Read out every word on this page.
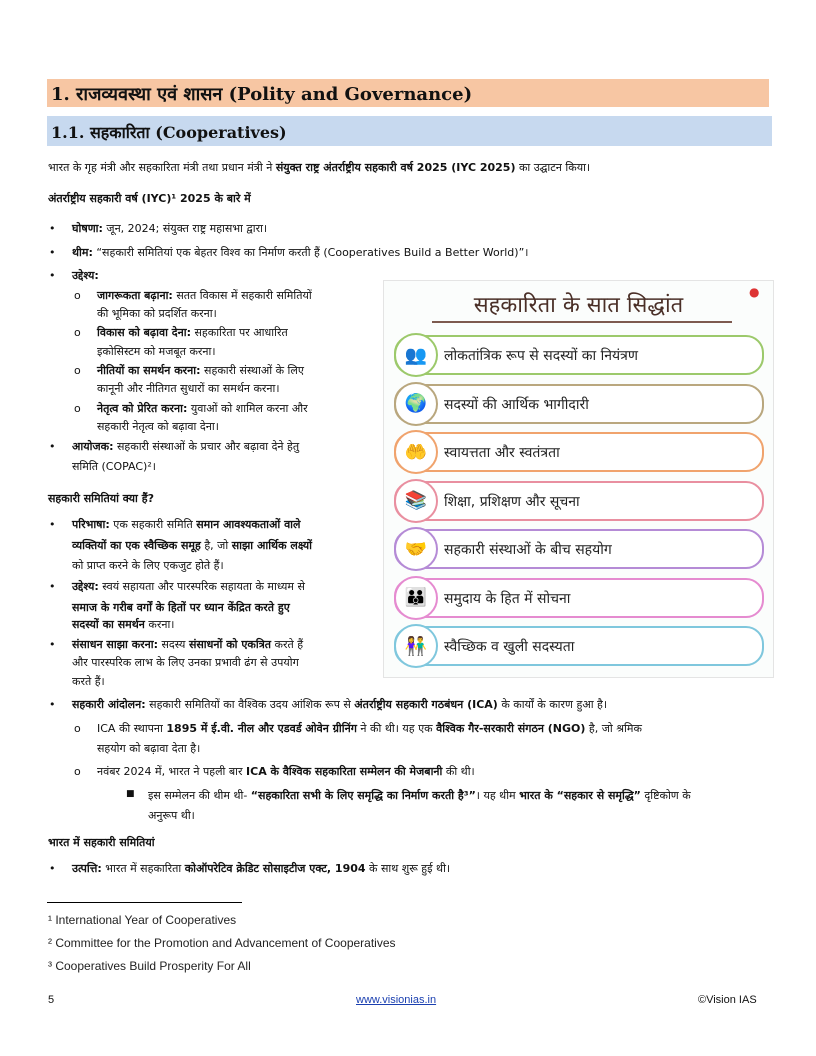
1. राजव्यवस्था एवं शासन (Polity and Governance)
1.1. सहकारिता (Cooperatives)
भारत के गृह मंत्री और सहकारिता मंत्री तथा प्रधान मंत्री ने संयुक्त राष्ट्र अंतर्राष्ट्रीय सहकारी वर्ष 2025 (IYC 2025) का उद्घाटन किया।
अंतर्राष्ट्रीय सहकारी वर्ष (IYC)¹ 2025 के बारे में
• घोषणा: जून, 2024; संयुक्त राष्ट्र महासभा द्वारा।
• थीम: “सहकारी समितियां एक बेहतर विश्व का निर्माण करती हैं (Cooperatives Build a Better World)”।
• उद्देश्य:
o जागरूकता बढ़ाना: सतत विकास में सहकारी समितियों
की भूमिका को प्रदर्शित करना।
o विकास को बढ़ावा देना: सहकारिता पर आधारित
इकोसिस्टम को मजबूत करना।
o नीतियों का समर्थन करना: सहकारी संस्थाओं के लिए
कानूनी और नीतिगत सुधारों का समर्थन करना।
o नेतृत्व को प्रेरित करना: युवाओं को शामिल करना और
सहकारी नेतृत्व को बढ़ावा देना।
• आयोजक: सहकारी संस्थाओं के प्रचार और बढ़ावा देने हेतु
समिति (COPAC)²।
सहकारी समितियां क्या हैं?
• परिभाषा: एक सहकारी समिति समान आवश्यकताओं वाले
व्यक्तियों का एक स्वैच्छिक समूह है, जो साझा आर्थिक लक्ष्यों
को प्राप्त करने के लिए एकजुट होते हैं।
• उद्देश्य: स्वयं सहायता और पारस्परिक सहायता के माध्यम से
समाज के गरीब वर्गों के हितों पर ध्यान केंद्रित करते हुए
सदस्यों का समर्थन करना।
• संसाधन साझा करना: सदस्य संसाधनों को एकत्रित करते हैं
और पारस्परिक लाभ के लिए उनका प्रभावी ढंग से उपयोग
करते हैं।
• सहकारी आंदोलन: सहकारी समितियों का वैश्विक उदय आंशिक रूप से अंतर्राष्ट्रीय सहकारी गठबंधन (ICA) के कार्यों के कारण हुआ है।
o ICA की स्थापना 1895 में ई.वी. नील और एडवर्ड ओवेन ग्रीनिंग ने की थी। यह एक वैश्विक गैर-सरकारी संगठन (NGO) है, जो श्रमिक
सहयोग को बढ़ावा देता है।
o नवंबर 2024 में, भारत ने पहली बार ICA के वैश्विक सहकारिता सम्मेलन की मेजबानी की थी।
■ इस सम्मेलन की थीम थी- “सहकारिता सभी के लिए समृद्धि का निर्माण करती है³”। यह थीम भारत के “सहकार से समृद्धि” दृष्टिकोण के
अनुरूप थी।
भारत में सहकारी समितियां
• उत्पत्ति: भारत में सहकारिता कोऑपरेटिव क्रेडिट सोसाइटीज एक्ट, 1904 के साथ शुरू हुई थी।
सहकारिता के सात सिद्धांत
●
👥	लोकतांत्रिक रूप से सदस्यों का नियंत्रण
🌍	सदस्यों की आर्थिक भागीदारी
🤲	स्वायत्तता और स्वतंत्रता
📚	शिक्षा, प्रशिक्षण और सूचना
🤝	सहकारी संस्थाओं के बीच सहयोग
👪	समुदाय के हित में सोचना
👫	स्वैच्छिक व खुली सदस्यता
¹ International Year of Cooperatives
² Committee for the Promotion and Advancement of Cooperatives
³ Cooperatives Build Prosperity For All
5	www.visionias.in	©Vision IAS
